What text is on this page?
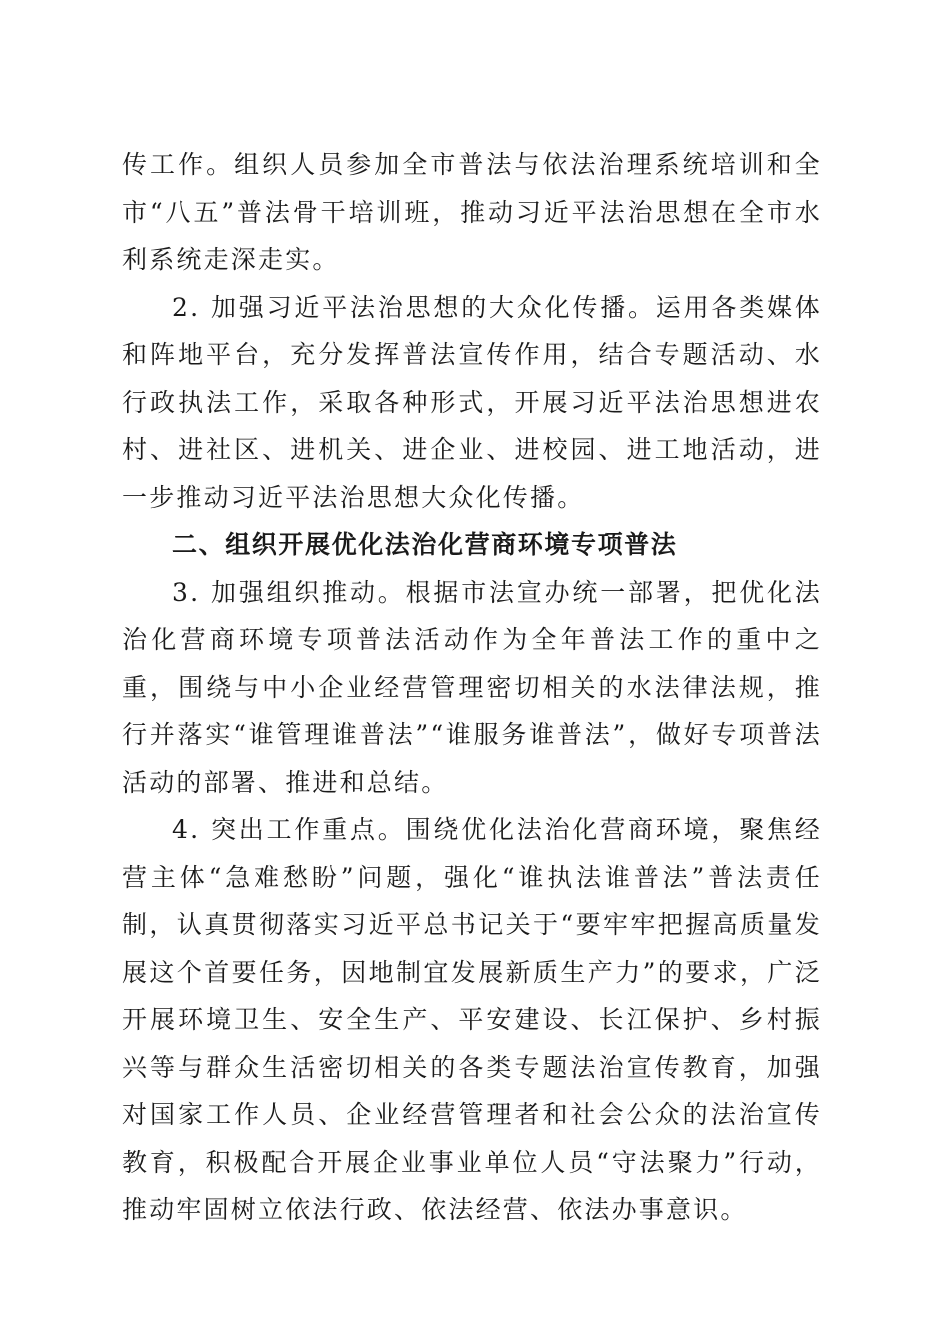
传工作。组织人员参加全市普法与依法治理系统培训和全市“八五”普法骨干培训班，推动习近平法治思想在全市水利系统走深走实。

2. 加强习近平法治思想的大众化传播。运用各类媒体和阵地平台，充分发挥普法宣传作用，结合专题活动、水行政执法工作，采取各种形式，开展习近平法治思想进农村、进社区、进机关、进企业、进校园、进工地活动，进一步推动习近平法治思想大众化传播。

二、组织开展优化法治化营商环境专项普法

3. 加强组织推动。根据市法宣办统一部署，把优化法治化营商环境专项普法活动作为全年普法工作的重中之重，围绕与中小企业经营管理密切相关的水法律法规，推行并落实“谁管理谁普法”“谁服务谁普法”，做好专项普法活动的部署、推进和总结。

4. 突出工作重点。围绕优化法治化营商环境，聚焦经营主体“急难愁盼”问题，强化“谁执法谁普法”普法责任制，认真贯彻落实习近平总书记关于“要牢牢把握高质量发展这个首要任务，因地制宜发展新质生产力”的要求，广泛开展环境卫生、安全生产、平安建设、长江保护、乡村振兴等与群众生活密切相关的各类专题法治宣传教育，加强对国家工作人员、企业经营管理者和社会公众的法治宣传教育，积极配合开展企业事业单位人员“守法聚力”行动，推动牢固树立依法行政、依法经营、依法办事意识。
